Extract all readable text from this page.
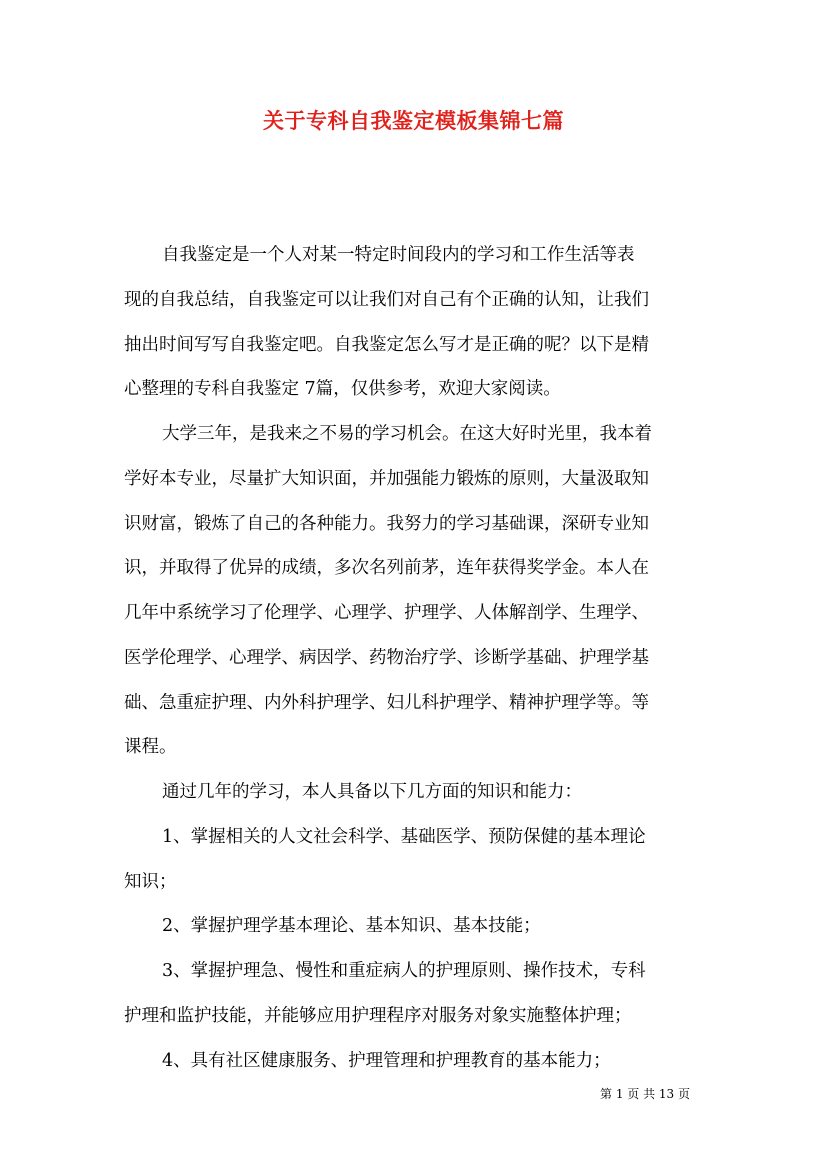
关于专科自我鉴定模板集锦七篇
自我鉴定是一个人对某一特定时间段内的学习和工作生活等表
现的自我总结，自我鉴定可以让我们对自己有个正确的认知，让我们
抽出时间写写自我鉴定吧。自我鉴定怎么写才是正确的呢？以下是精
心整理的专科自我鉴定 7篇，仅供参考，欢迎大家阅读。
大学三年，是我来之不易的学习机会。在这大好时光里，我本着
学好本专业，尽量扩大知识面，并加强能力锻炼的原则，大量汲取知
识财富，锻炼了自己的各种能力。我努力的学习基础课，深研专业知
识，并取得了优异的成绩，多次名列前茅，连年获得奖学金。本人在
几年中系统学习了伦理学、心理学、护理学、人体解剖学、生理学、
医学伦理学、心理学、病因学、药物治疗学、诊断学基础、护理学基
础、急重症护理、内外科护理学、妇儿科护理学、精神护理学等。等
课程。
通过几年的学习，本人具备以下几方面的知识和能力：
1、掌握相关的人文社会科学、基础医学、预防保健的基本理论
知识；
2、掌握护理学基本理论、基本知识、基本技能；
3、掌握护理急、慢性和重症病人的护理原则、操作技术，专科
护理和监护技能，并能够应用护理程序对服务对象实施整体护理；
4、具有社区健康服务、护理管理和护理教育的基本能力；
第 1 页 共 13 页
